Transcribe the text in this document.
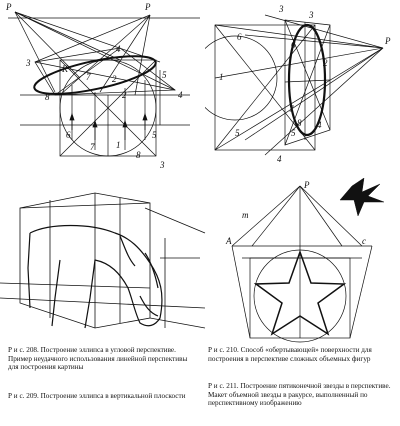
P	P
3
4
5
K
7 2
8	2	4
6
7 1
5
8
3
3
3
6
6
1
2
P
7
5	5
8 4
4
P
m
A	c
Р и с. 208. Построение эллипса в угловой перспективе. Пример неудачного использования линейной перспективы для построения картины
Р и с. 209. Построение эллипса в вертикальной плоскости
Р и с. 210. Способ «обертывающей» поверхности для построения в перспективе сложных объемных фигур
Р и с. 211. Построение пятиконечной звезды в перспективе. Макет объемной звезды в ракурсе, выполненный по перспективному изображению
